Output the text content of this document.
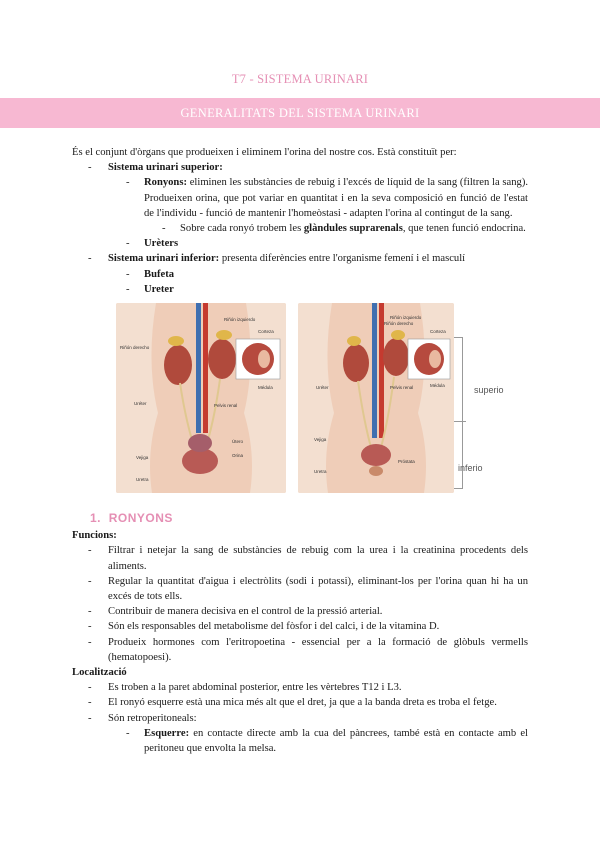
T7 - SISTEMA URINARI
GENERALITATS DEL SISTEMA URINARI

És el conjunt d'òrgans que produeixen i eliminem l'orina del nostre cos. Està constituït per:

- Sistema urinari superior:
- Ronyons: eliminen les substàncies de rebuig i l'excés de líquid de la sang (filtren la sang). Produeixen orina, que pot variar en quantitat i en la seva composició en funció de l'estat de l'individu - funció de mantenir l'homeòstasi - adapten l'orina al contingut de la sang.
- Sobre cada ronyó trobem les glàndules suprarenals, que tenen funció endocrina.
- Urèters
- Sistema urinari inferior: presenta diferències entre l'organisme femení i el masculí
- Bufeta
- Ureter
Riñón derecho
Riñón izquierdo
Uréter	Pelvis renal
Corteza
Médula
Vejiga
Útero
Orina
Uretra
Riñón izquierdo
Riñón derecho
Pelvis renal
Uréter
Corteza
Médula
Vejiga
Próstata
Uretra
superio
inferio
1. RONYONS

Funcions:

- Filtrar i netejar la sang de substàncies de rebuig com la urea i la creatinina procedents dels aliments.
- Regular la quantitat d'aigua i electròlits (sodi i potassi), eliminant-los per l'orina quan hi ha un excés de tots ells.
- Contribuir de manera decisiva en el control de la pressió arterial.
- Són els responsables del metabolisme del fòsfor i del calci, i de la vitamina D.
- Produeix hormones com l'eritropoetina - essencial per a la formació de glòbuls vermells (hematopoesi).

Localització

- Es troben a la paret abdominal posterior, entre les vèrtebres T12 i L3.
- El ronyó esquerre està una mica més alt que el dret, ja que a la banda dreta es troba el fetge.
- Són retroperitoneals:
- Esquerre: en contacte directe amb la cua del pàncrees, també està en contacte amb el peritoneu que envolta la melsa.
